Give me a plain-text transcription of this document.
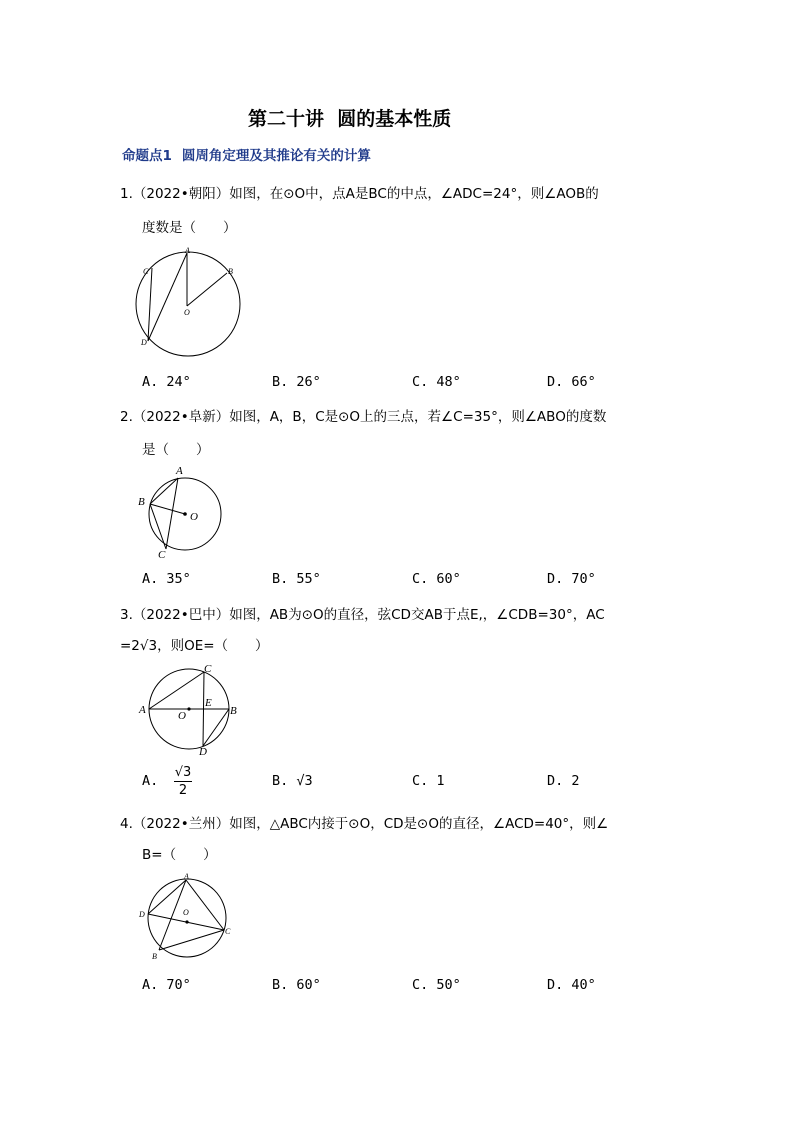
第二十讲  圆的基本性质
命题点1 圆周角定理及其推论有关的计算
1.（2022•朝阳）如图，在⊙O中，点A是BC的中点，∠ADC=24°，则∠AOB的
度数是（　　）
A
B
C
D
O
A. 24°	B. 26°	C. 48°	D. 66°
2.（2022•阜新）如图，A，B，C是⊙O上的三点，若∠C=35°，则∠ABO的度数
是（　　）
A
B
C
O
A. 35°	B. 55°	C. 60°	D. 70°
3.（2022•巴中）如图，AB为⊙O的直径，弦CD交AB于点E,，∠CDB=30°，AC
=2√3，则OE=（　　）
A	B
C
D
E
O
A. $\frac{√3}{2}$	B. √3	C. 1	D. 2
4.（2022•兰州）如图，△ABC内接于⊙O，CD是⊙O的直径，∠ACD=40°，则∠
B=（　　）
A
B
C
D	O
A. 70°	B. 60°	C. 50°	D. 40°
